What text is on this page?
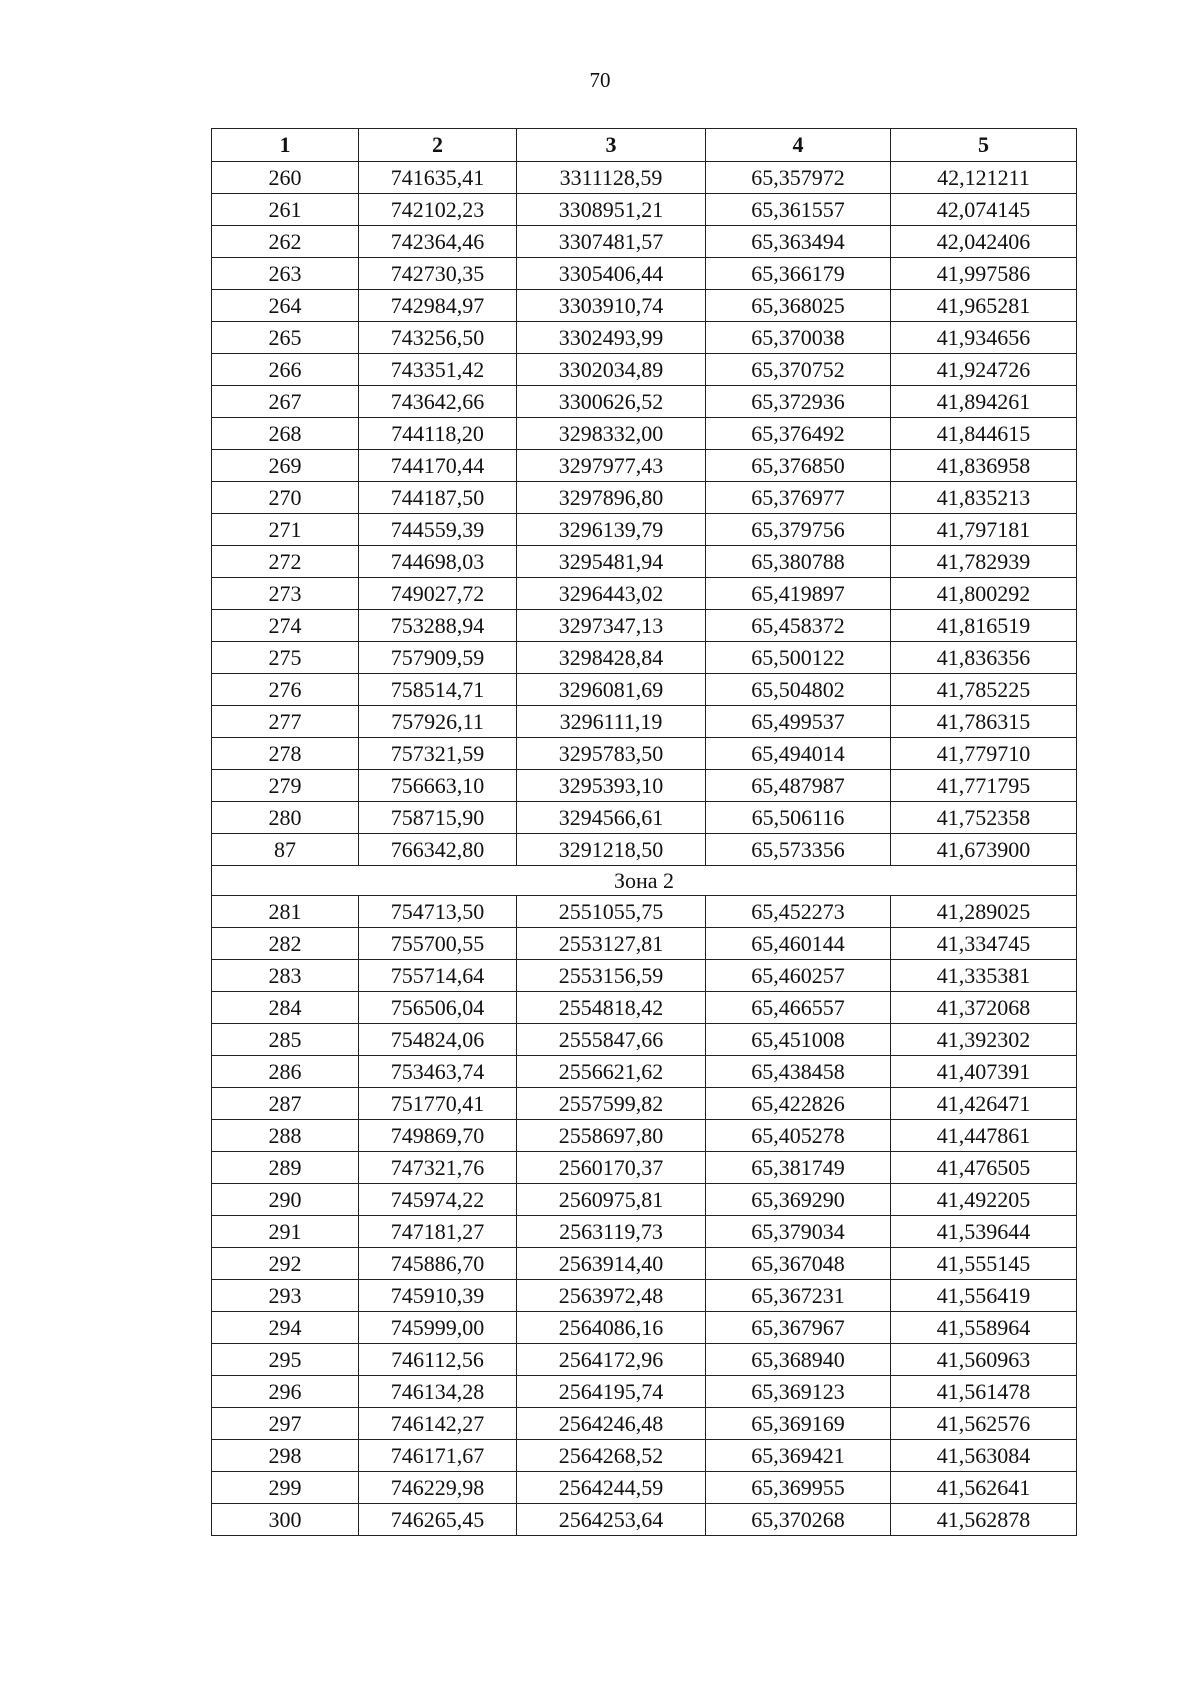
70
1	2	3	4	5
260	741635,41	3311128,59	65,357972	42,121211
261	742102,23	3308951,21	65,361557	42,074145
262	742364,46	3307481,57	65,363494	42,042406
263	742730,35	3305406,44	65,366179	41,997586
264	742984,97	3303910,74	65,368025	41,965281
265	743256,50	3302493,99	65,370038	41,934656
266	743351,42	3302034,89	65,370752	41,924726
267	743642,66	3300626,52	65,372936	41,894261
268	744118,20	3298332,00	65,376492	41,844615
269	744170,44	3297977,43	65,376850	41,836958
270	744187,50	3297896,80	65,376977	41,835213
271	744559,39	3296139,79	65,379756	41,797181
272	744698,03	3295481,94	65,380788	41,782939
273	749027,72	3296443,02	65,419897	41,800292
274	753288,94	3297347,13	65,458372	41,816519
275	757909,59	3298428,84	65,500122	41,836356
276	758514,71	3296081,69	65,504802	41,785225
277	757926,11	3296111,19	65,499537	41,786315
278	757321,59	3295783,50	65,494014	41,779710
279	756663,10	3295393,10	65,487987	41,771795
280	758715,90	3294566,61	65,506116	41,752358
87	766342,80	3291218,50	65,573356	41,673900
Зона 2				
281	754713,50	2551055,75	65,452273	41,289025
282	755700,55	2553127,81	65,460144	41,334745
283	755714,64	2553156,59	65,460257	41,335381
284	756506,04	2554818,42	65,466557	41,372068
285	754824,06	2555847,66	65,451008	41,392302
286	753463,74	2556621,62	65,438458	41,407391
287	751770,41	2557599,82	65,422826	41,426471
288	749869,70	2558697,80	65,405278	41,447861
289	747321,76	2560170,37	65,381749	41,476505
290	745974,22	2560975,81	65,369290	41,492205
291	747181,27	2563119,73	65,379034	41,539644
292	745886,70	2563914,40	65,367048	41,555145
293	745910,39	2563972,48	65,367231	41,556419
294	745999,00	2564086,16	65,367967	41,558964
295	746112,56	2564172,96	65,368940	41,560963
296	746134,28	2564195,74	65,369123	41,561478
297	746142,27	2564246,48	65,369169	41,562576
298	746171,67	2564268,52	65,369421	41,563084
299	746229,98	2564244,59	65,369955	41,562641
300	746265,45	2564253,64	65,370268	41,562878
